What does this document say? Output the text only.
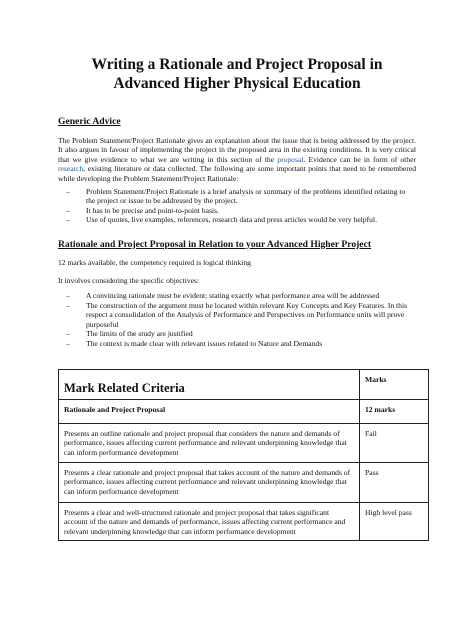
Writing a Rationale and Project Proposal in
Advanced Higher Physical Education
Generic Advice

The Problem Statement/Project Rationale gives an explanation about the issue that is being addressed by the project. It also argues in favour of implementing the project in the proposed area in the existing conditions. It is very critical that we give evidence to what we are writing in this section of the proposal. Evidence can be in form of other research, existing literature or data collected. The following are some important points that need to be remembered while developing the Problem Statement/Project Rationale:

– Problem Statement/Project Rationale is a brief analysis or summary of the problems identified relating to the project or issue to be addressed by the project.
– It has to be precise and point-to-point basis.
– Use of quotes, live examples, references, research data and press articles would be very helpful.
Rationale and Project Proposal in Relation to your Advanced Higher Project

12 marks available, the competency required is logical thinking

It involves considering the specific objectives:

– A convincing rationale must be evident; stating exactly what performance area will be addressed
– The construction of the argument must be located within relevant Key Concepts and Key Features. In this respect a consolidation of the Analysis of Performance and Perspectives on Performance units will prove purposeful
– The limits of the study are justified
– The context is made clear with relevant issues related to Nature and Demands
Mark Related Criteria	Marks
Rationale and Project Proposal	12 marks
Presents an outline rationale and project proposal that considers the nature and demands of performance, issues affecting current performance and relevant underpinning knowledge that can inform performance development	Fail
Presents a clear rationale and project proposal that takes account of the nature and demands of performance, issues affecting current performance and relevant underpinning knowledge that can inform performance development	Pass
Presents a clear and well-structured rationale and project proposal that takes significant account of the nature and demands of performance, issues affecting current performance and relevant underpinning knowledge that can inform performance development	High level pass
